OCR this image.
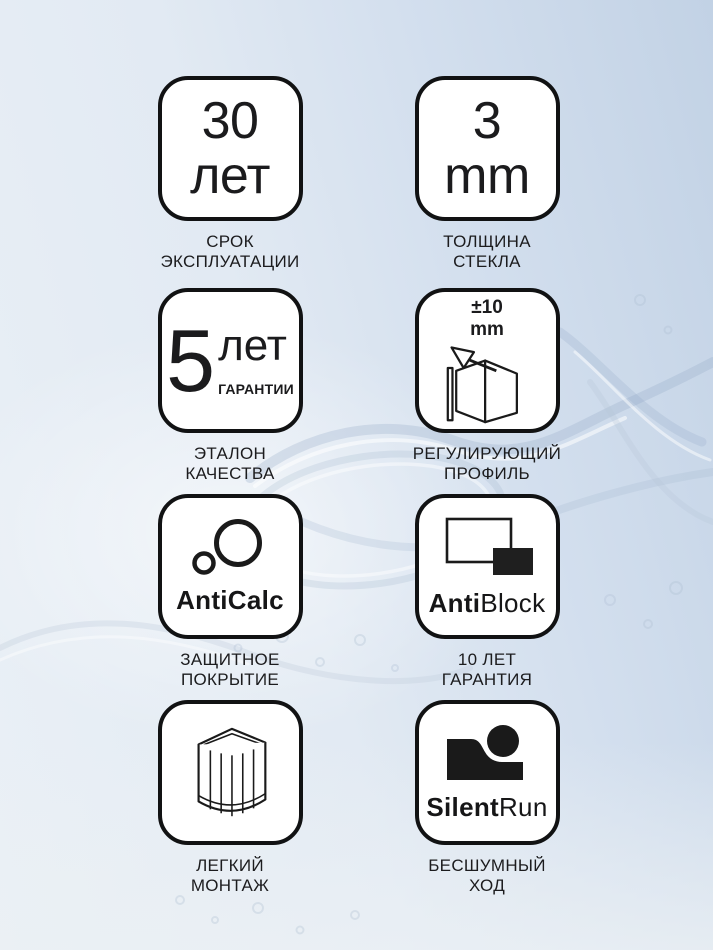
30
лет
СРОК
ЭКСПЛУАТАЦИИ
3
mm
ТОЛЩИНА
СТЕКЛА
5 лет
ГАРАНТИИ
ЭТАЛОН
КАЧЕСТВА
±10
mm
РЕГУЛИРУЮЩИЙ
ПРОФИЛЬ
AntiCalc
ЗАЩИТНОЕ
ПОКРЫТИЕ
AntiBlock
10 ЛЕТ
ГАРАНТИЯ
ЛЕГКИЙ
МОНТАЖ
SilentRun
БЕСШУМНЫЙ
ХОД
